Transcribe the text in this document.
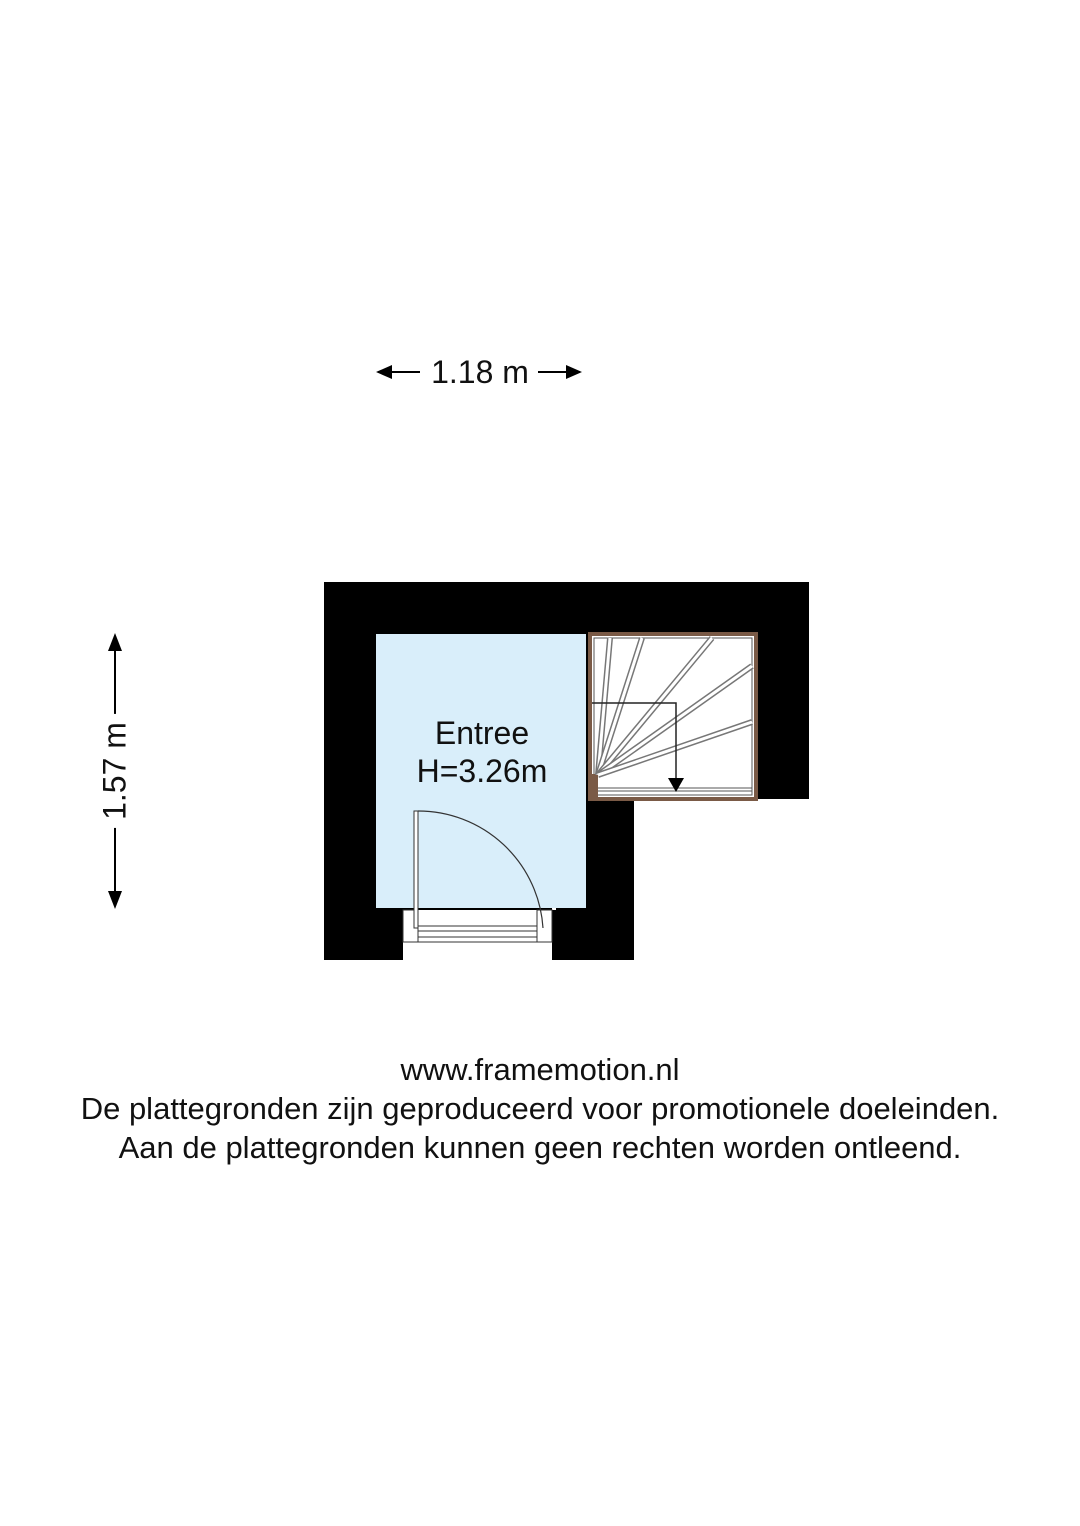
1.18 m
1.57 m	Entree
H=3.26m
www.framemotion.nl
De plattegronden zijn geproduceerd voor promotionele doeleinden.
Aan de plattegronden kunnen geen rechten worden ontleend.
